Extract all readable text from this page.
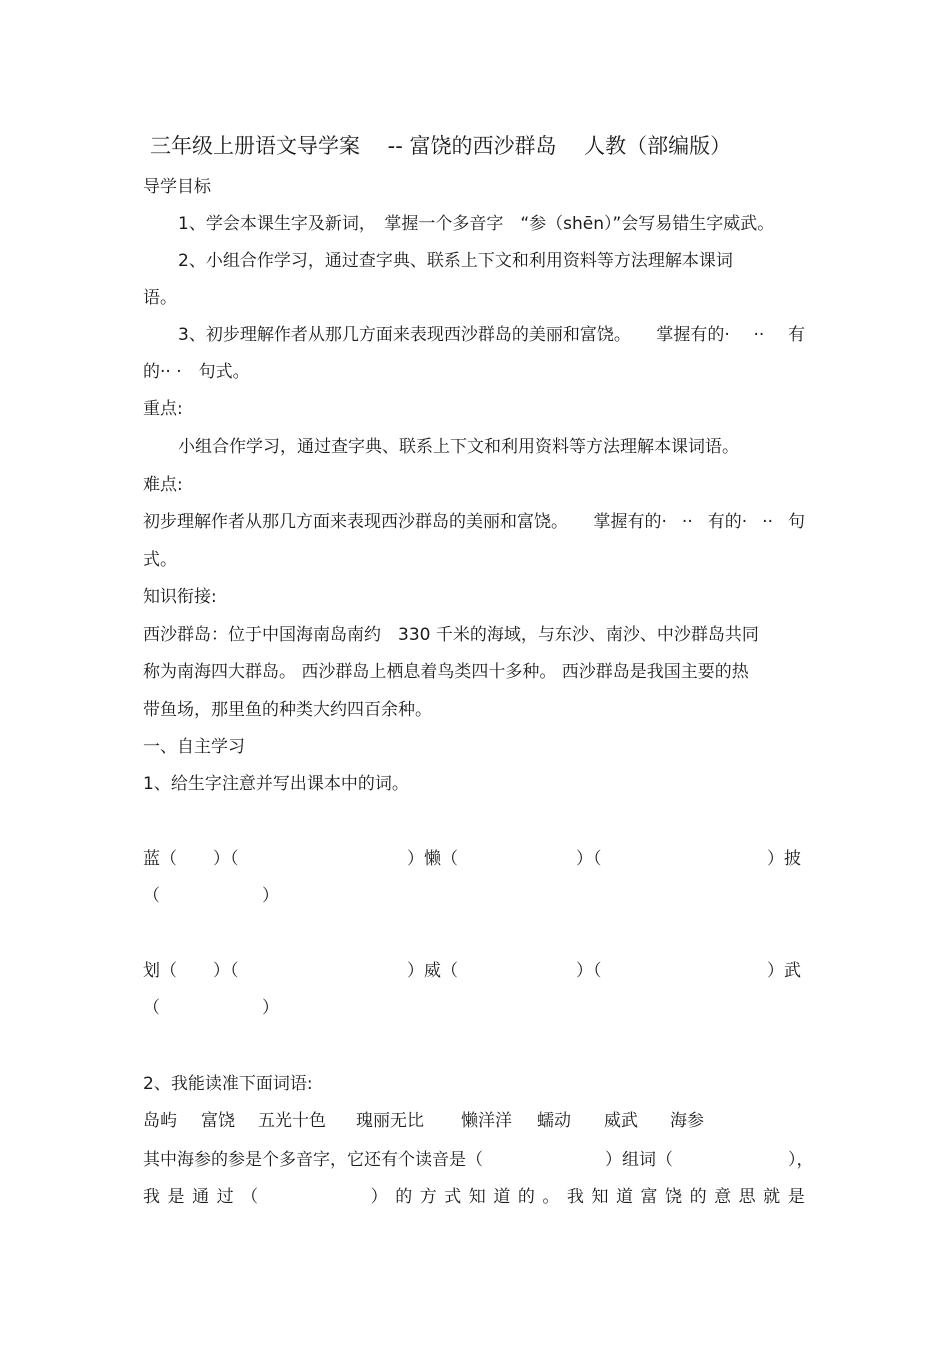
三年级上册语文导学案　 -- 富饶的西沙群岛　 人教（部编版）
导学目标
1、学会本课生字及新词，　掌握一个多音字　“参（shēn）”会写易错生字威武。
2、小组合作学习，通过查字典、联系上下文和利用资料等方法理解本课词
语。
3、初步理解作者从那几方面来表现西沙群岛的美丽和富饶。　　掌握有的· ·· 有
的·· ·　句式。
重点:
小组合作学习，通过查字典、联系上下文和利用资料等方法理解本课词语。
难点:
初步理解作者从那几方面来表现西沙群岛的美丽和富饶。　　掌握有的· ·· 有的· ·· 句
式。
知识衔接:
西沙群岛：位于中国海南岛南约　330 千米的海域，与东沙、南沙、中沙群岛共同
称为南海四大群岛。 西沙群岛上栖息着鸟类四十多种。 西沙群岛是我国主要的热
带鱼场，那里鱼的种类大约四百余种。
一、自主学习
1、给生字注意并写出课本中的词。

蓝（

）（

	）懒（

	）（

	）披

（　　　　　　）

划（

）（

	）威（

	）（

	）武

（　　　　　　）
2、我能读准下面词语:

岛屿

富饶

五光十色

瑰丽无比

懒洋洋

蠕动

威武

海参

其中海参的参是个多音字，它还有个读音是（

	）组词（

	），

我 是 通 过 （	） 的 方 式 知 道 的 。 我 知 道 富 饶 的 意 思 就 是
